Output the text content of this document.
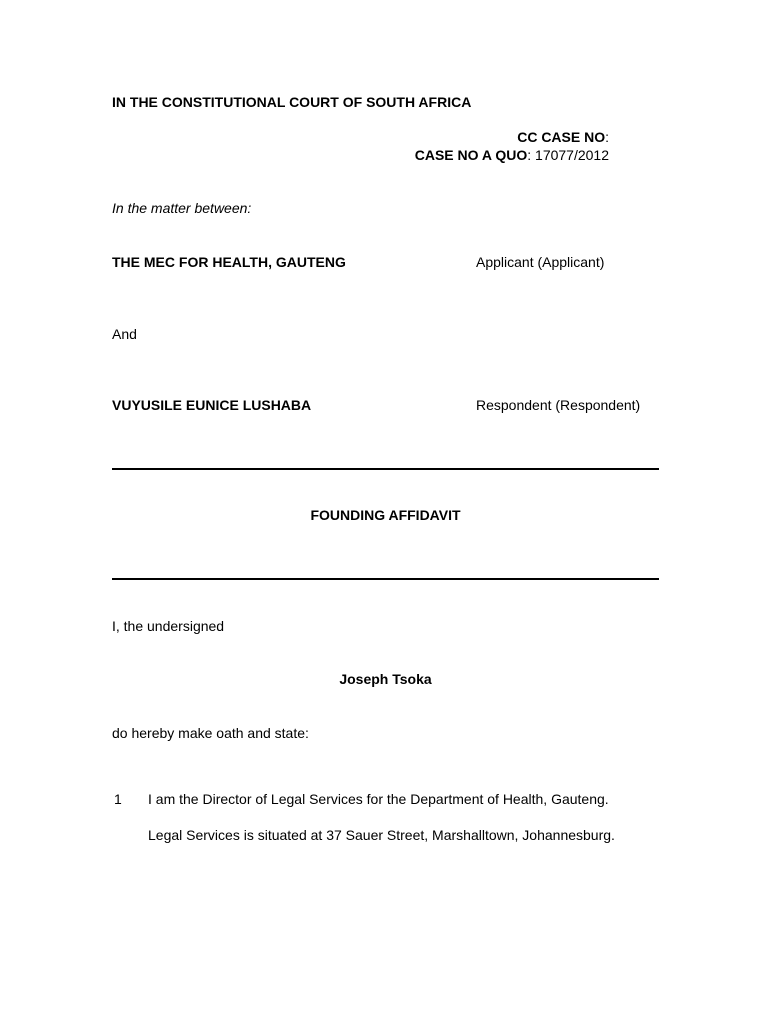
IN THE CONSTITUTIONAL COURT OF SOUTH AFRICA
CC CASE NO:
CASE NO A QUO: 17077/2012
In the matter between:
THE MEC FOR HEALTH, GAUTENG	Applicant (Applicant)
And
VUYUSILE EUNICE LUSHABA	Respondent (Respondent)
FOUNDING AFFIDAVIT
I, the undersigned
Joseph Tsoka
do hereby make oath and state:
1 I am the Director of Legal Services for the Department of Health, Gauteng.
Legal Services is situated at 37 Sauer Street, Marshalltown, Johannesburg.
